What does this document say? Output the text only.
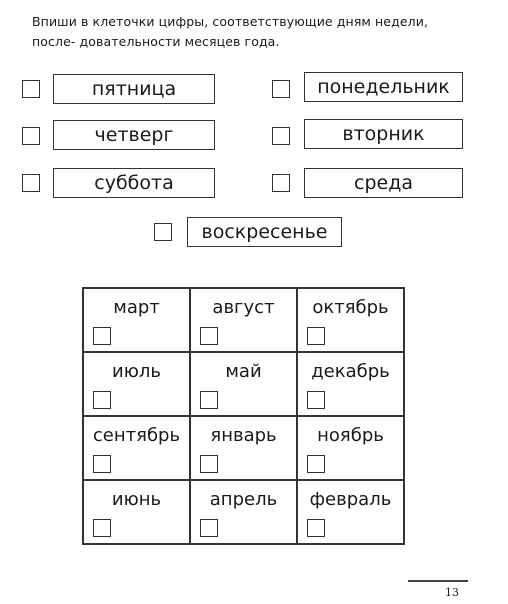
Впиши в клеточки цифры, соответствующие дням недели, после- довательности месяцев года.
пятница
четверг
суббота
понедельник
вторник
среда
воскресенье
март	август	октябрь

июль	май	декабрь

сентябрь	январь	ноябрь

июнь	апрель	февраль
13
